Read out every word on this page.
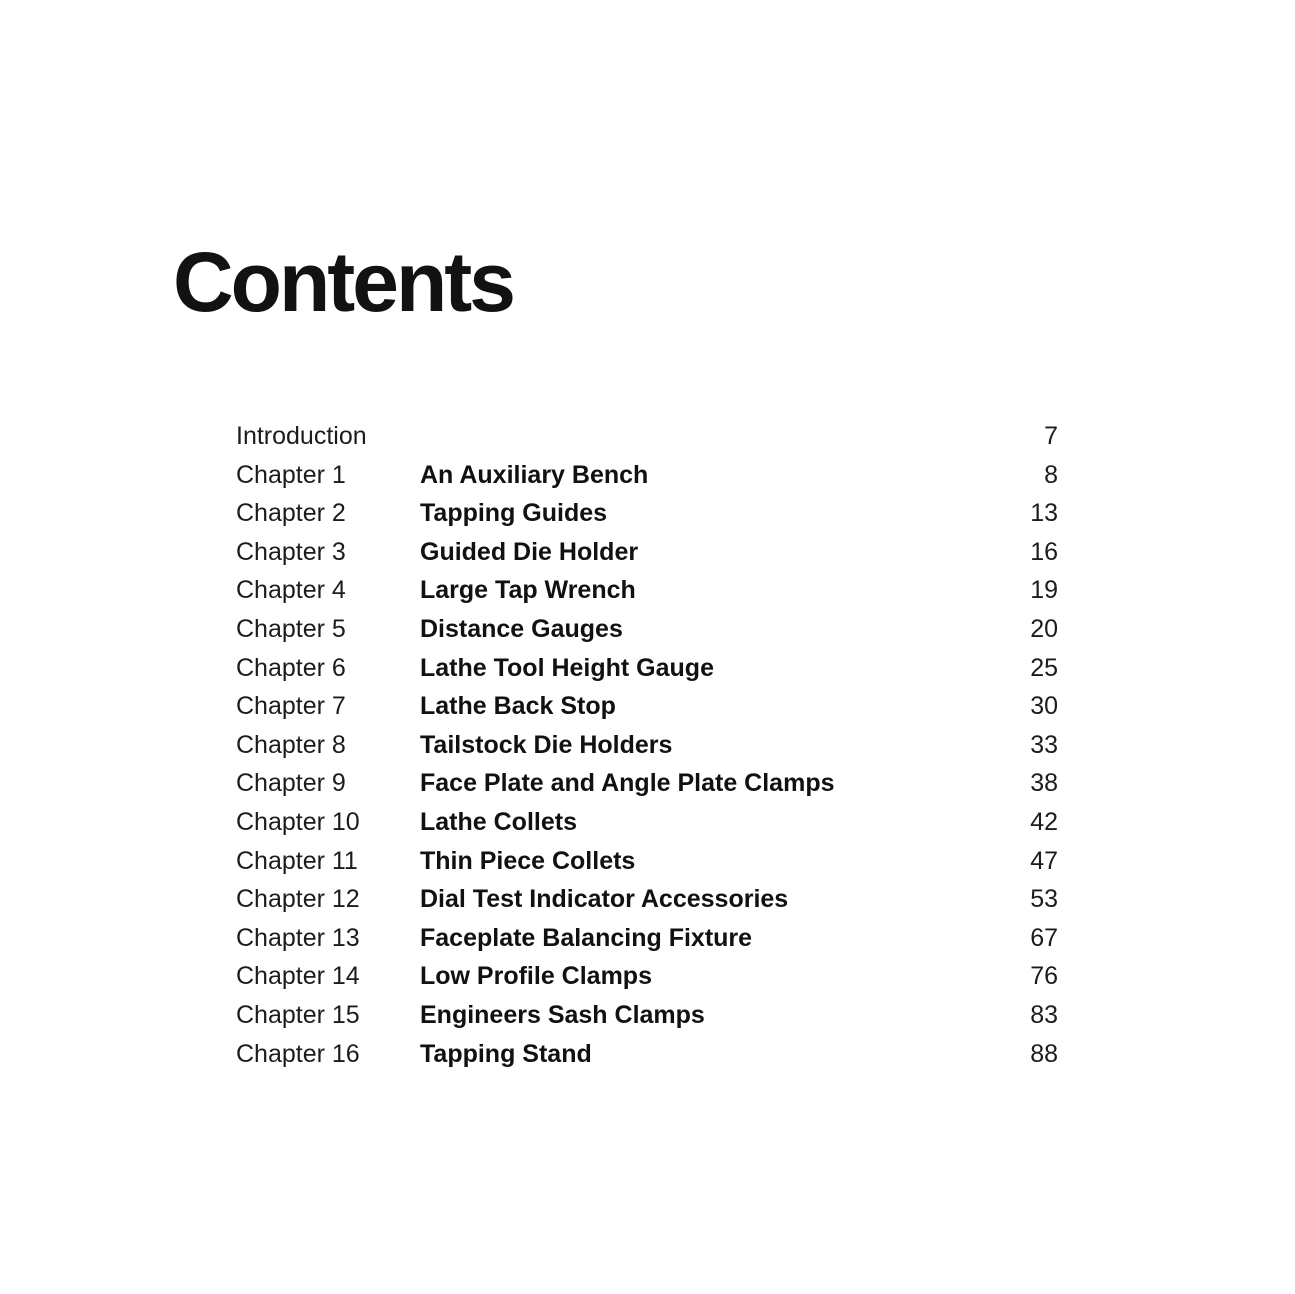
Contents
Introduction	7
Chapter 1	An Auxiliary Bench	8
Chapter 2	Tapping Guides	13
Chapter 3	Guided Die Holder	16
Chapter 4	Large Tap Wrench	19
Chapter 5	Distance Gauges	20
Chapter 6	Lathe Tool Height Gauge	25
Chapter 7	Lathe Back Stop	30
Chapter 8	Tailstock Die Holders	33
Chapter 9	Face Plate and Angle Plate Clamps	38
Chapter 10	Lathe Collets	42
Chapter 11	Thin Piece Collets	47
Chapter 12	Dial Test Indicator Accessories	53
Chapter 13	Faceplate Balancing Fixture	67
Chapter 14	Low Profile Clamps	76
Chapter 15	Engineers Sash Clamps	83
Chapter 16	Tapping Stand	88
